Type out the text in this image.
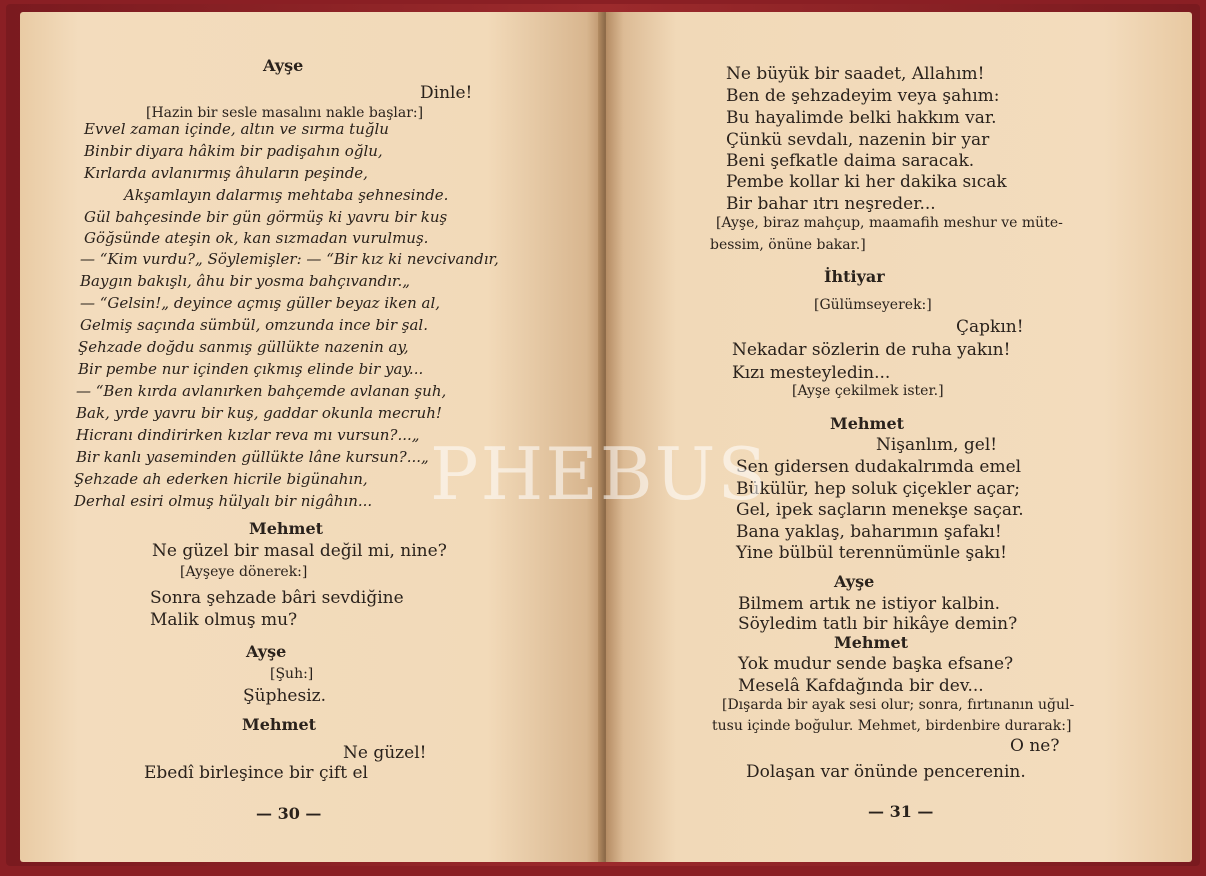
Ayşe
Dinle!
[Hazin bir sesle masalını nakle başlar:]
Evvel zaman içinde, altın ve sırma tuğlu
Binbir diyara hâkim bir padişahın oğlu,
Kırlarda avlanırmış âhuların peşinde,
Akşamlayın dalarmış mehtaba şehnesinde.
Gül bahçesinde bir gün görmüş ki yavru bir kuş
Göğsünde ateşin ok, kan sızmadan vurulmuş.
— “Kim vurdu?„ Söylemişler: — “Bir kız ki nevcivandır,
Baygın bakışlı, âhu bir yosma bahçıvandır.„
— “Gelsin!„ deyince açmış güller beyaz iken al,
Gelmiş saçında sümbül, omzunda ince bir şal.
Şehzade doğdu sanmış güllükte nazenin ay,
Bir pembe nur içinden çıkmış elinde bir yay...
— “Ben kırda avlanırken bahçemde avlanan şuh,
Bak, yrde yavru bir kuş, gaddar okunla mecruh!
Hicranı dindirirken kızlar reva mı vursun?...„
Bir kanlı yaseminden güllükte lâne kursun?...„
Şehzade ah ederken hicrile bigünahın,
Derhal esiri olmuş hülyalı bir nigâhın...
Mehmet
Ne güzel bir masal değil mi, nine?
[Ayşeye dönerek:]
Sonra şehzade bâri sevdiğine
Malik olmuş mu?
Ayşe
[Şuh:]
Şüphesiz.
Mehmet
Ne güzel!
Ebedî birleşince bir çift el
— 30 —
Ne büyük bir saadet, Allahım!
Ben de şehzadeyim veya şahım:
Bu hayalimde belki hakkım var.
Çünkü sevdalı, nazenin bir yar
Beni şefkatle daima saracak.
Pembe kollar ki her dakika sıcak
Bir bahar ıtrı neşreder...
[Ayşe, biraz mahçup, maamafih meshur ve müte-
bessim, önüne bakar.]
İhtiyar
[Gülümseyerek:]
Çapkın!
Nekadar sözlerin de ruha yakın!
Kızı mesteyledin...
[Ayşe çekilmek ister.]
Mehmet
Nişanlım, gel!
Sen gidersen dudakalrımda emel
Bükülür, hep soluk çiçekler açar;
Gel, ipek saçların menekşe saçar.
Bana yaklaş, baharımın şafakı!
Yine bülbül terennümünle şakı!
Ayşe
Bilmem artık ne istiyor kalbin.
Söyledim tatlı bir hikâye demin?
Mehmet
Yok mudur sende başka efsane?
Meselâ Kafdağında bir dev...
[Dışarda bir ayak sesi olur; sonra, fırtınanın uğul-
tusu içinde boğulur. Mehmet, birdenbire durarak:]
O ne?
Dolaşan var önünde pencerenin.
— 31 —
PHEBUS
